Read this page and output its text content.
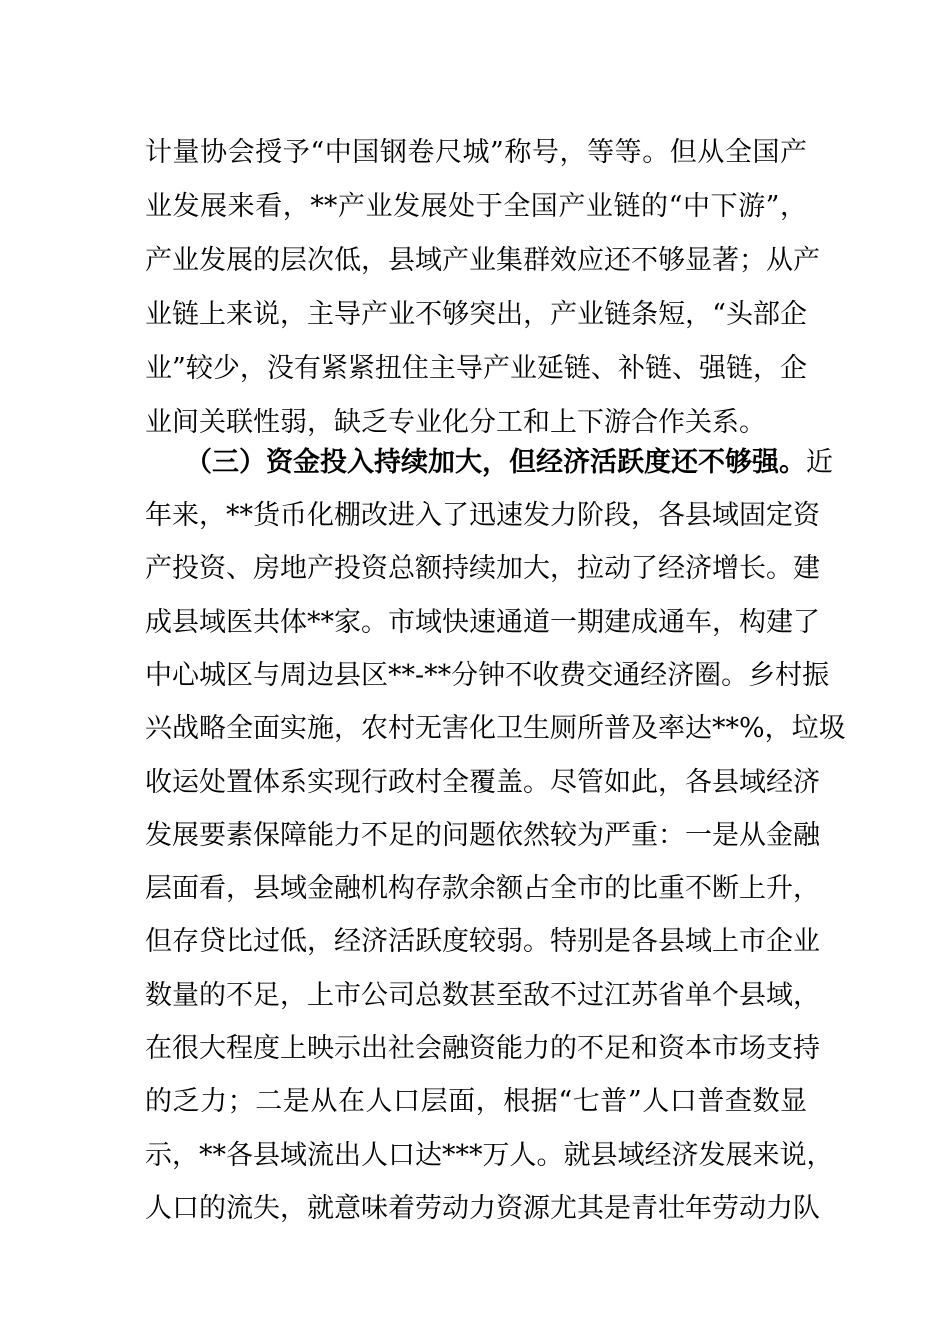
计量协会授予“中国钢卷尺城”称号，等等。但从全国产
业发展来看，**产业发展处于全国产业链的“中下游”，
产业发展的层次低，县域产业集群效应还不够显著；从产
业链上来说，主导产业不够突出，产业链条短，“头部企
业”较少，没有紧紧扭住主导产业延链、补链、强链，企
业间关联性弱，缺乏专业化分工和上下游合作关系。
（三）资金投入持续加大，但经济活跃度还不够强。近
年来，**货币化棚改进入了迅速发力阶段，各县域固定资
产投资、房地产投资总额持续加大，拉动了经济增长。建
成县域医共体**家。市域快速通道一期建成通车，构建了
中心城区与周边县区**-**分钟不收费交通经济圈。乡村振
兴战略全面实施，农村无害化卫生厕所普及率达**%，垃圾
收运处置体系实现行政村全覆盖。尽管如此，各县域经济
发展要素保障能力不足的问题依然较为严重：一是从金融
层面看，县域金融机构存款余额占全市的比重不断上升，
但存贷比过低，经济活跃度较弱。特别是各县域上市企业
数量的不足，上市公司总数甚至敌不过江苏省单个县域，
在很大程度上映示出社会融资能力的不足和资本市场支持
的乏力；二是从在人口层面，根据“七普”人口普查数显
示，**各县域流出人口达***万人。就县域经济发展来说，
人口的流失，就意味着劳动力资源尤其是青壮年劳动力队
